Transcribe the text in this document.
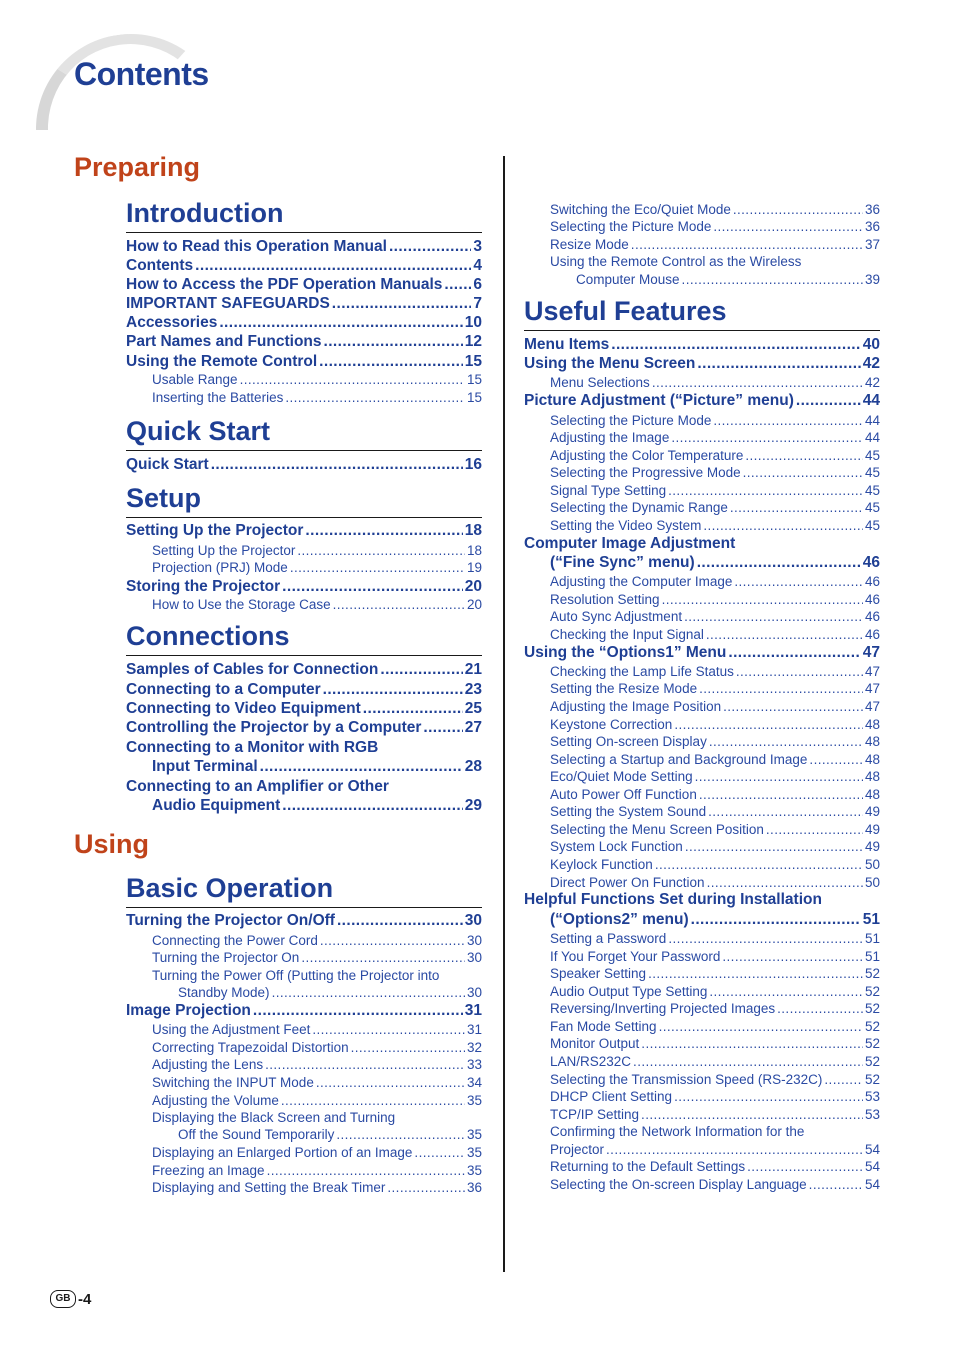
Contents
Preparing
Introduction
How to Read this Operation Manual .....	3
Contents .....	4
How to Access the PDF Operation Manuals ..... 6
IMPORTANT SAFEGUARDS .....	7
Accessories .....	10
Part Names and Functions .....	12
Using the Remote Control .....	15
Usable Range .....	15
Inserting the Batteries .....	15
Quick Start
Quick Start .....	16
Setup
Setting Up the Projector .....	18
Setting Up the Projector .....	18
Projection (PRJ) Mode .....	19
Storing the Projector .....	20
How to Use the Storage Case .....	20
Connections
Samples of Cables for Connection .....	21
Connecting to a Computer .....	23
Connecting to Video Equipment .....	25
Controlling the Projector by a Computer .....	27
Connecting to a Monitor with RGB
Input Terminal .....	28
Connecting to an Amplifier or Other
Audio Equipment .....	29
Using
Basic Operation
Turning the Projector On/Off .....	30
Connecting the Power Cord .....	30
Turning the Projector On .....	30
Turning the Power Off (Putting the Projector into
Standby Mode) .....	30
Image Projection .....	31
Using the Adjustment Feet .....	31
Correcting Trapezoidal Distortion .....	32
Adjusting the Lens .....	33
Switching the INPUT Mode .....	34
Adjusting the Volume .....	35
Displaying the Black Screen and Turning
Off the Sound Temporarily .....	35
Displaying an Enlarged Portion of an Image .....	35
Freezing an Image .....	35
Displaying and Setting the Break Timer .....	36
Switching the Eco/Quiet Mode .....	36
Selecting the Picture Mode .....	36
Resize Mode .....	37
Using the Remote Control as the Wireless
Computer Mouse .....	39
Useful Features
Menu Items .....	40
Using the Menu Screen .....	42
Menu Selections .....	42
Picture Adjustment (“Picture” menu) .....	44
Selecting the Picture Mode .....	44
Adjusting the Image .....	44
Adjusting the Color Temperature .....	45
Selecting the Progressive Mode .....	45
Signal Type Setting .....	45
Selecting the Dynamic Range .....	45
Setting the Video System .....	45
Computer Image Adjustment
(“Fine Sync” menu) .....	46
Adjusting the Computer Image .....	46
Resolution Setting .....	46
Auto Sync Adjustment .....	46
Checking the Input Signal .....	46
Using the “Options1” Menu .....	47
Checking the Lamp Life Status .....	47
Setting the Resize Mode .....	47
Adjusting the Image Position .....	47
Keystone Correction .....	48
Setting On-screen Display .....	48
Selecting a Startup and Background Image .....	48
Eco/Quiet Mode Setting .....	48
Auto Power Off Function .....	48
Setting the System Sound .....	49
Selecting the Menu Screen Position .....	49
System Lock Function .....	49
Keylock Function .....	50
Direct Power On Function .....	50
Helpful Functions Set during Installation
(“Options2” menu) .....	51
Setting a Password .....	51
If You Forget Your Password .....	51
Speaker Setting .....	52
Audio Output Type Setting .....	52
Reversing/Inverting Projected Images .....	52
Fan Mode Setting .....	52
Monitor Output .....	52
LAN/RS232C .....	52
Selecting the Transmission Speed (RS-232C) .....	52
DHCP Client Setting .....	53
TCP/IP Setting .....	53
Confirming the Network Information for the
Projector .....	54
Returning to the Default Settings .....	54
Selecting the On-screen Display Language .....	54
GB -4
